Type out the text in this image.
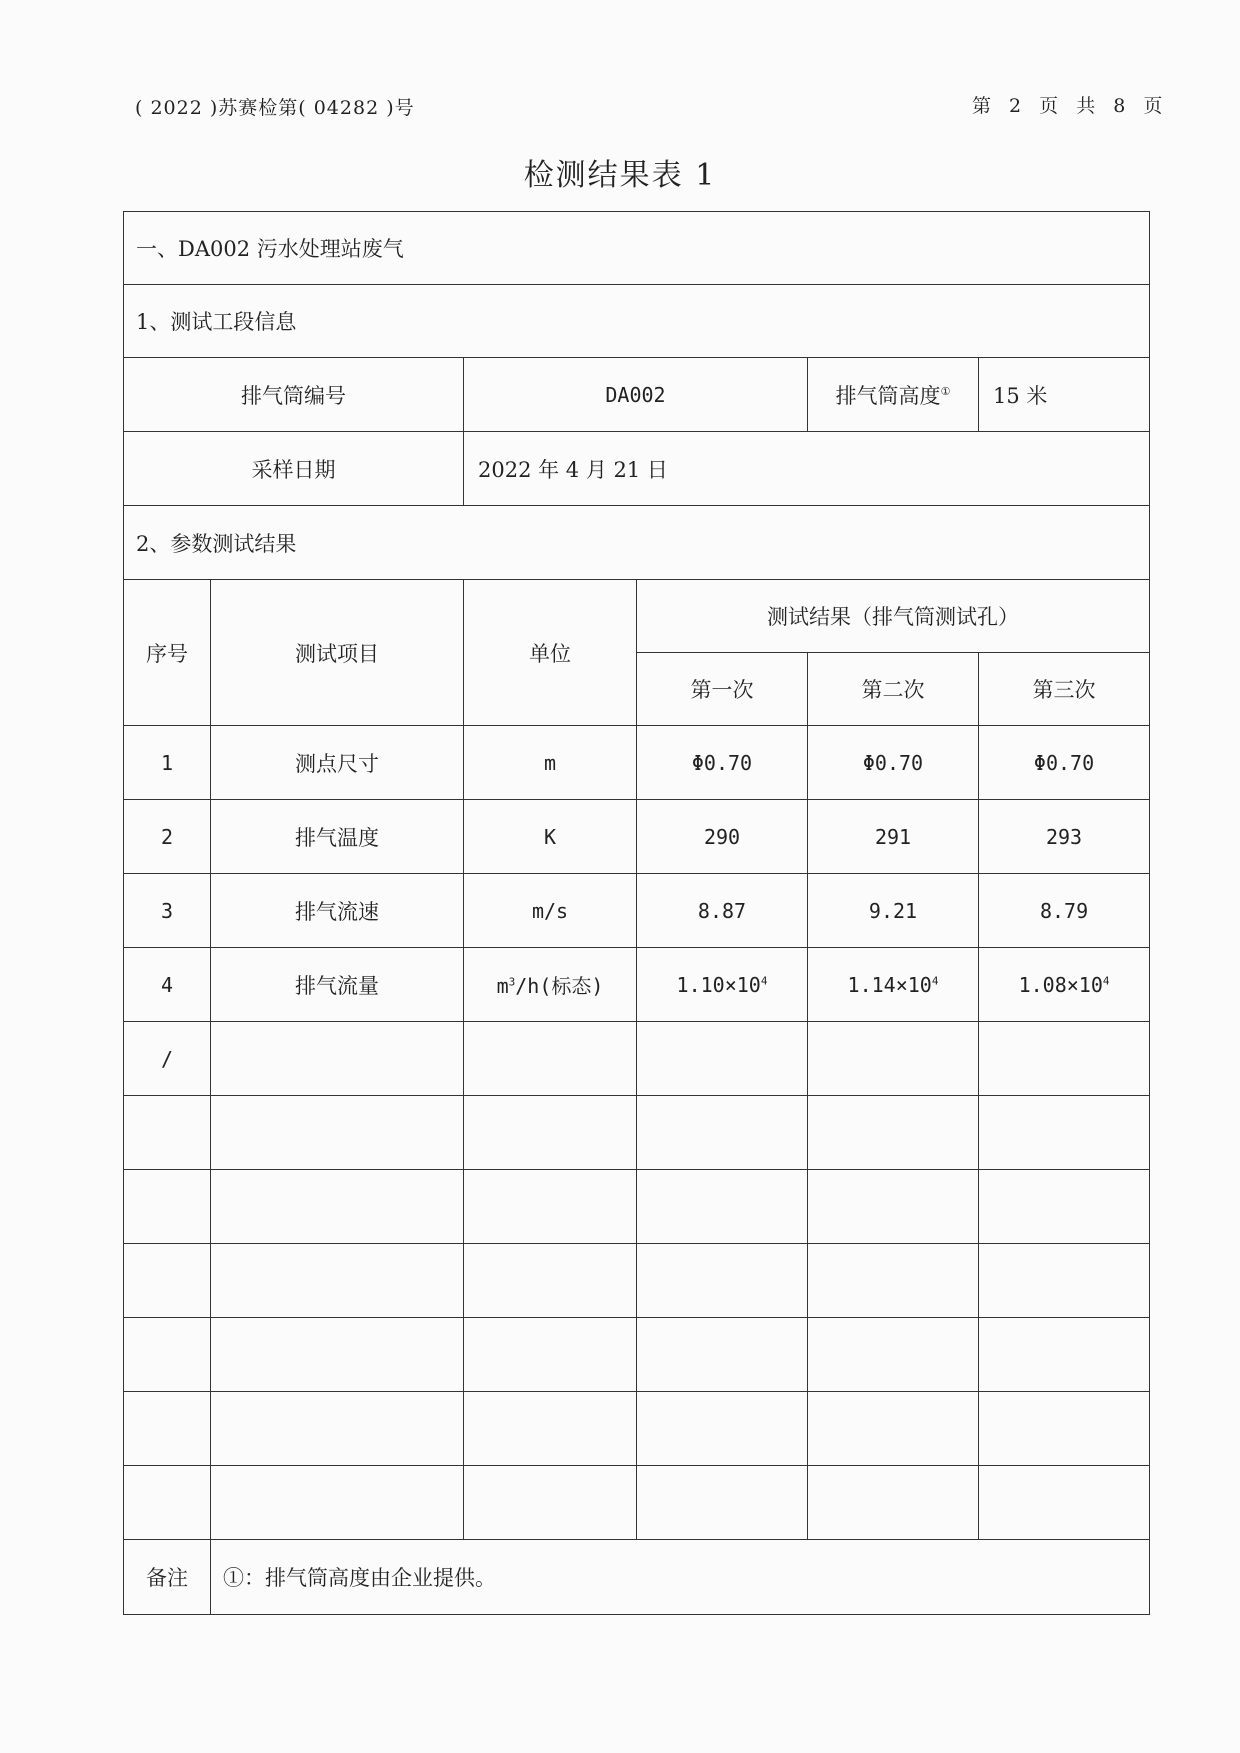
( 2022 )苏赛检第( 04282 )号	第 2 页 共 8 页
检测结果表 1
一、DA002 污水处理站废气					
1、测试工段信息					
排气筒编号		DA002		排气筒高度①	15 米
采样日期		2022 年 4 月 21 日			
2、参数测试结果					
序号	测试项目	单位	测试结果（排气筒测试孔）		
			第一次	第二次	第三次
1	测点尺寸	m	Φ0.70	Φ0.70	Φ0.70
2	排气温度	K	290	291	293
3	排气流速	m/s	8.87	9.21	8.79
4	排气流量	$m^3/h$(标态)	$1.10\times 10^4$	$1.14\times 10^4$	$1.08\times 10^4$
/					

备注	①：排气筒高度由企业提供。				
